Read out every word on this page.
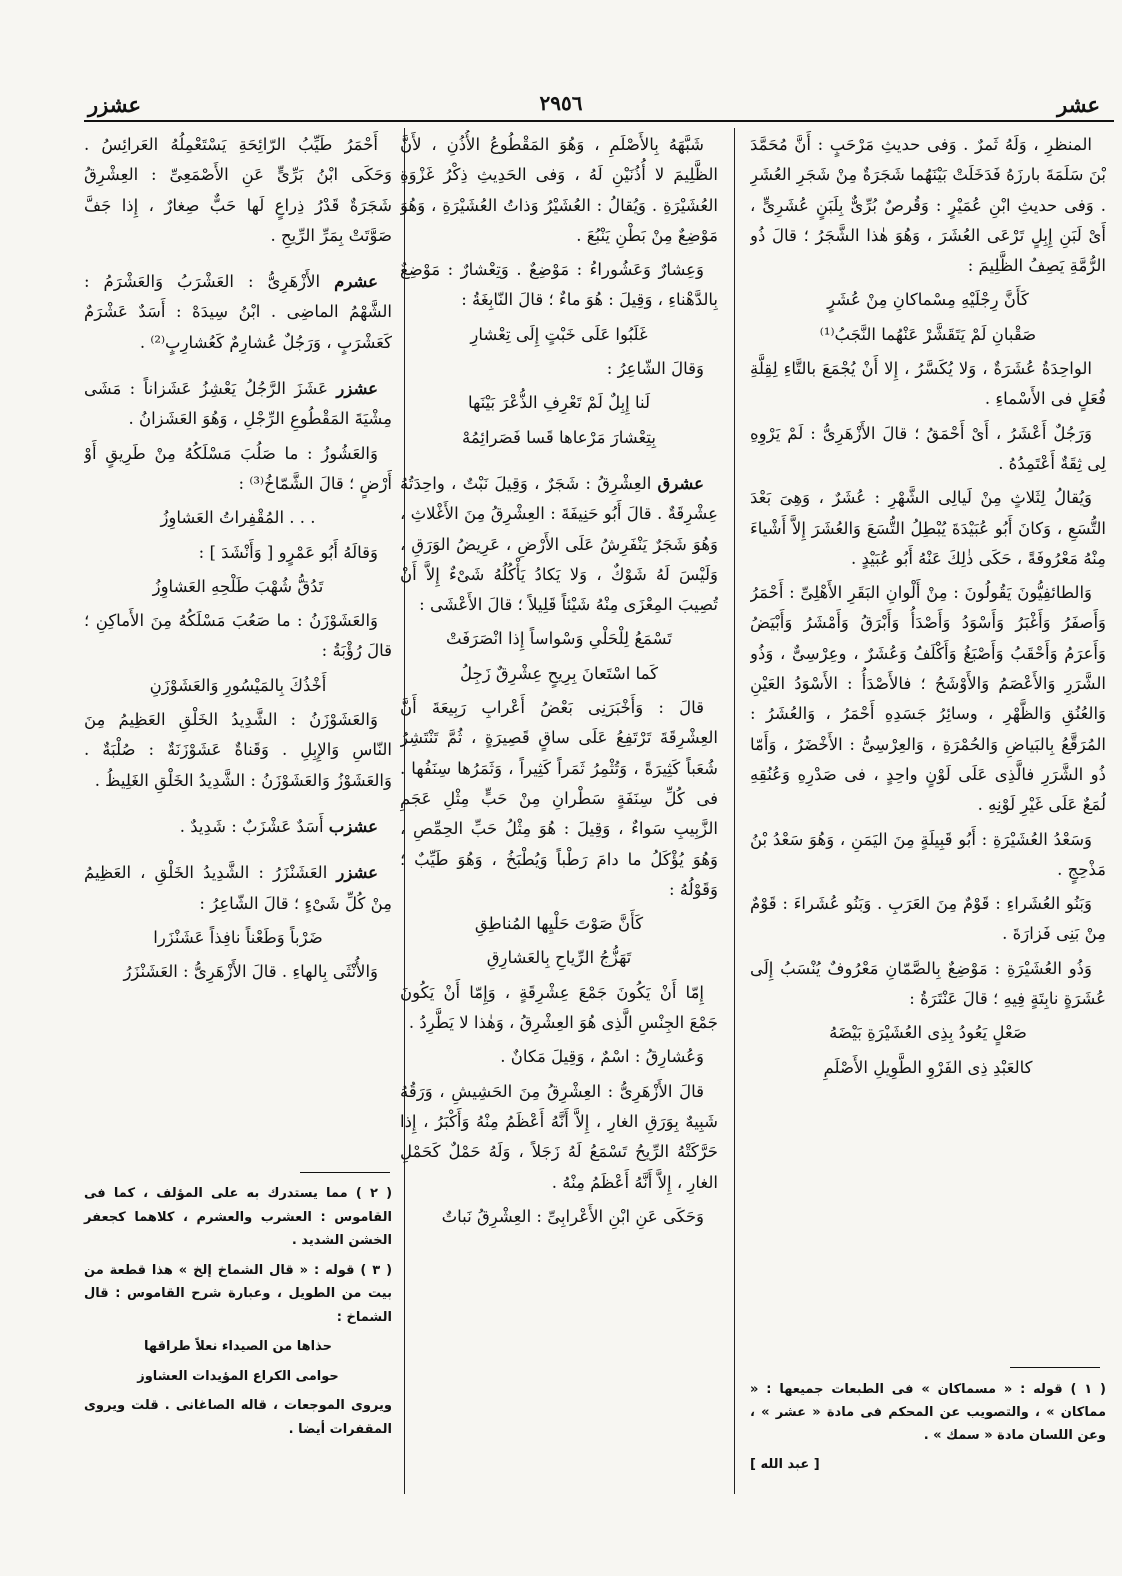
عشر
٢٩٥٦
عشزر

المنظرِ ، وَلَهُ ثَمرٌ . وَفى حديثِ مَرْحَبٍ : أَنَّ مُحَمَّدَ بْنَ سَلَمَةَ بارزَهُ فَدَخَلَتْ بَيْنَهُما شَجَرَةٌ مِنْ شَجَرِ العُشَرِ . وَفى حديثِ ابْنِ عُمَيْرٍ : وَقُرصٌ بُرِّىٌّ بِلَبَنٍ عُشَرِىٍّ ، أَىْ لَبَنِ إِبِلٍ تَرْعَى العُشَرَ ، وَهُوَ هٰذا الشَّجَرُ ؛ قالَ ذُو الرُّمَّةِ يَصِفُ الظَّلِيمَ :

كَأَنَّ رِجْلَيْهِ مِسْماكانِ مِنْ عُشَرٍ

صَقْبانِ لَمْ يَتَقَشَّرْ عَنْهُما النَّجَبُ⁽¹⁾

الواحِدَةُ عُشَرَةٌ ، وَلا يُكَسَّرُ ، إِلا أَنْ يُجْمَعَ بالتَّاءِ لِقِلَّةِ فُعَلٍ فى الأَسْماءِ .

وَرَجُلٌ أَعْشَرُ ، أَىْ أَحْمَقُ ؛ قالَ الأَزْهَرِىُّ : لَمْ يَرْوِهِ لِى ثِقَةٌ أَعْتَمِدُهُ .

وَيُقالُ لِثَلاثٍ مِنْ لَيالِى الشَّهْرِ : عُشَرٌ ، وَهِىَ بَعْدَ التُّسَعِ ، وَكانَ أَبُو عُبَيْدَةَ يُبْطِلُ التُّسَعَ وَالعُشَرَ إِلاَّ أَشْياءَ مِنْهُ مَعْرُوفَةً ، حَكَى ذٰلِكَ عَنْهُ أَبُو عُبَيْدٍ .

وَالطائفِيُّونَ يَقُولُونَ : مِنْ أَلْوانِ البَقَرِ الأَهْلِىِّ : أَحْمَرُ وَأَصفَرُ وَأَغْبَرُ وَأَسْوَدُ وَأَصْدَأُ وَأَبْرَقُ وَأَمْشَرُ وَأَبْيَضُ وَأَعرَمُ وَأَحْقَبُ وَأَصْبَغُ وَأَكْلَفُ وَعُشَرٌ ، وعِرْسِىٌّ ، وَذُو الشَّرَرِ وَالأَعْصَمُ وَالأَوْشَحُ ؛ فالأَصْدَأُ : الأَسْوَدُ العَيْنِ وَالعُنُقِ وَالظَّهْرِ ، وسائِرُ جَسَدِهِ أَحْمَرُ ، وَالعُشَرُ : المُرَقَّعُ بِالبَياضِ وَالحُمْرَةِ ، وَالعِرْسِىُّ : الأَخْضَرُ ، وَأَمّا ذُو الشَّرَرِ فالَّذِى عَلَى لَوْنٍ واحِدٍ ، فى صَدْرِهِ وَعُنُقِهِ لُمَعٌ عَلَى غَيْرِ لَوْنِهِ .

وَسَعْدُ العُشَيْرَةِ : أَبُو قَبِيلَةٍ مِنَ اليَمَنِ ، وَهُوَ سَعْدُ بْنُ مَذْحِجٍ .

وَبَنُو العُشَراءِ : قَوْمٌ مِنَ العَرَبِ . وَبَنُو عُشَراءَ : قَوْمٌ مِنْ بَنِى فَزارَةَ .

وَذُو العُشَيْرَةِ : مَوْضِعٌ بِالصَّمّانِ مَعْرُوفٌ يُنْسَبُ إِلَى عُشَرَةٍ نابِتَةٍ فِيهِ ؛ قالَ عَنْتَرَةُ :

صَعْلٍ يَعُودُ بِذِى العُشَيْرَةِ بَيْضَهُ

كالعَبْدِ ذِى الفَرْوِ الطَّوِيلِ الأَصْلَمِ

( ١ ) قوله : « مسماكان » فى الطبعات جميعها : « مماكان » ، والتصويب عن المحكم فى مادة « عشر » ، وعن اللسان مادة « سمك » .

[ عبد الله ]

شَبَّهَهُ بِالأَصْلَمِ ، وَهُوَ المَقْطُوعُ الأُذُنِ ، لأَنَّ الظَّلِيمَ لا أُذُنَيْنِ لَهُ ، وَفى الحَدِيثِ ذِكْرُ غَزْوَةِ العُشَيْرَةِ . وَيُقالُ : العُشَيْرُ وَذاتُ العُشَيْرَةِ ، وَهُوَ مَوْضِعٌ مِنْ بَطْنِ يَنْبُعَ .

وَعِشارٌ وَعَشُوراءُ : مَوْضِعٌ . وَتِعْشارٌ : مَوْضِعٌ بِالدَّهْناءِ ، وَقِيلَ : هُوَ ماءٌ ؛ قالَ النّابِغَةُ :

غَلَبُوا عَلَى خَبْتٍ إِلَى تِعْشارِ

وَقالَ الشّاعِرُ :

لَنا إِبِلٌ لَمْ تَعْرِفِ الذُّعْرَ بَيْنَها

بِتِعْشارَ مَرْعاها قَسا فَصَرائِمُهْ

عشرق العِشْرِقُ : شَجَرٌ ، وَقِيلَ نَبْتٌ ، واحِدَتُهُ عِشْرِقَةٌ . قالَ أَبُو حَنِيفَةَ : العِشْرِقُ مِنَ الأَغْلاثِ ، وَهُوَ شَجَرٌ يَنْفَرِشُ عَلَى الأَرْضِ ، عَرِيضُ الوَرَقِ ، وَلَيْسَ لَهُ شَوْكٌ ، وَلا يَكادُ يَأْكُلُهُ شَىْءٌ إِلاَّ أَنْ تُصِيبَ المِعْزَى مِنْهُ شَيْئاً قَلِيلاً ؛ قالَ الأَعْشَى :

تَسْمَعُ لِلْحَلْىِ وَسْواساً إِذا انْصَرَفَتْ

كَما اسْتَعانَ بِرِيحٍ عِشْرِقٌ زَجِلُ

قالَ : وَأَخْبَرَنِى بَعْضُ أَعْرابِ رَبِيعَةَ أَنَّ العِشْرِقَةَ تَرْتَفِعُ عَلَى ساقٍ قَصِيرَةٍ ، ثُمَّ تَنْتَشِرُ شُعَباً كَثِيرَةً ، وَتُثْمِرُ ثَمَراً كَثِيراً ، وَثَمَرُها سِنَفُها . فى كُلِّ سِنَفَةٍ سَطْرانِ مِنْ حَبٍّ مِثْلِ عَجَمِ الزَّبِيبِ سَواءٌ ، وَقِيلَ : هُوَ مِثْلُ حَبِّ الحِمِّصِ ، وَهُوَ يُؤْكَلُ ما دامَ رَطْباً وَيُطْبَخُ ، وَهُوَ طَيِّبٌ ؛ وَقَوْلُهُ :

كَأَنَّ صَوْتَ حَلْيِها المُناطِقِ

تَهَزُّجُ الرِّياحِ بِالعَشارِقِ

إِمّا أَنْ يَكُونَ جَمْعَ عِشْرِقَةٍ ، وَإِمّا أَنْ يَكُونَ جَمْعَ الجِنْسِ الَّذِى هُوَ العِشْرِقُ ، وَهٰذا لا يَطَّرِدُ .

وَعُشارِقُ : اسْمٌ ، وَقِيلَ مَكانٌ .

قالَ الأَزْهَرِىُّ : العِشْرِقُ مِنَ الحَشِيشِ ، وَرَقُهُ شَبِيهٌ بِوَرَقِ الغارِ ، إِلاَّ أَنَّهُ أَعْظَمُ مِنْهُ وَأَكْبَرُ ، إِذا حَرَّكَتْهُ الرِّيحُ تَسْمَعُ لَهُ زَجَلاً ، وَلَهُ حَمْلٌ كَحَمْلِ الغارِ ، إِلاَّ أَنَّهُ أَعْظَمُ مِنْهُ .

وَحَكَى عَنِ ابْنِ الأَعْرابِىِّ : العِشْرِقُ نَباتٌ

أَحْمَرُ طَيِّبُ الرّائِحَةِ يَسْتَعْمِلُهُ العَرائِسُ . وَحَكَى ابْنُ بَرِّىٍّ عَنِ الأَصْمَعِىِّ : العِشْرِقُ شَجَرَةٌ قَدْرُ ذِراعٍ لَها حَبٌّ صِغارٌ ، إِذا جَفَّ صَوَّتَتْ بِمَرِّ الرِّيحِ .

عشرم الأَزْهَرِىُّ : العَشْرَبُ وَالعَشْرَمُ : الشَّهْمُ الماضِى . ابْنُ سِيدَهْ : أَسَدٌ عَشْرَمٌ كَعَشْرَبٍ ، وَرَجُلٌ عُشارِمٌ كَعُشارِبٍ⁽²⁾ .

عشزر عَشَزَ الرَّجُلُ يَعْشِزُ عَشَزاناً : مَشَى مِشْيَةَ المَقْطُوعِ الرِّجْلِ ، وَهُوَ العَشَزانُ .

وَالعَشُوزُ : ما صَلُبَ مَسْلَكُهُ مِنْ طَرِيقٍ أَوْ أَرْضٍ ؛ قالَ الشَّمّاخُ⁽³⁾ :

. . . المُقْفِراتُ العَشاوِزُ

وَقالَهُ أَبُو عَمْرٍو [ وَأَنْشَدَ ] :

تَدُقُّ شُهْبَ طَلْحِهِ العَشاوِزُ

وَالعَشَوْزَنُ : ما صَعُبَ مَسْلَكُهُ مِنَ الأَماكِنِ ؛ قالَ رُؤْبَةُ :

أَخْذُكَ بِالمَيْسُورِ وَالعَشَوْزَنِ

وَالعَشَوْزَنُ : الشَّدِيدُ الخَلْقِ العَظِيمُ مِنَ النّاسِ وَالإِبِلِ . وَقَناةٌ عَشَوْزَنَةٌ : صُلْبَةٌ . وَالعَشَوْزُ وَالعَشَوْزَنُ : الشَّدِيدُ الخَلْقِ الغَلِيظُ .

عشزب أَسَدٌ عَشْزَبٌ : شَدِيدٌ .

عشزر العَشَنْزَرُ : الشَّدِيدُ الخَلْقِ ، العَظِيمُ مِنْ كُلِّ شَىْءٍ ؛ قالَ الشّاعِرُ :

ضَرْباً وَطَعْناً نافِذاً عَشَنْزَرا

وَالأُنْثَى بِالهاءِ . قالَ الأَزْهَرِىُّ : العَشَنْزَرُ

( ٢ ) مما يستدرك به على المؤلف ، كما فى القاموس : العشرب والعشرم ، كلاهما كجعفر الخشن الشديد .

( ٣ ) قوله : « قال الشماخ إلخ » هذا قطعة من بيت من الطويل ، وعبارة شرح القاموس : قال الشماخ :

حذاها من الصيداء نعلاً طراقها

حوامى الكراع المؤيدات العشاوز

ويروى الموجعات ، قاله الصاغانى . قلت ويروى المقفرات أيضا .
